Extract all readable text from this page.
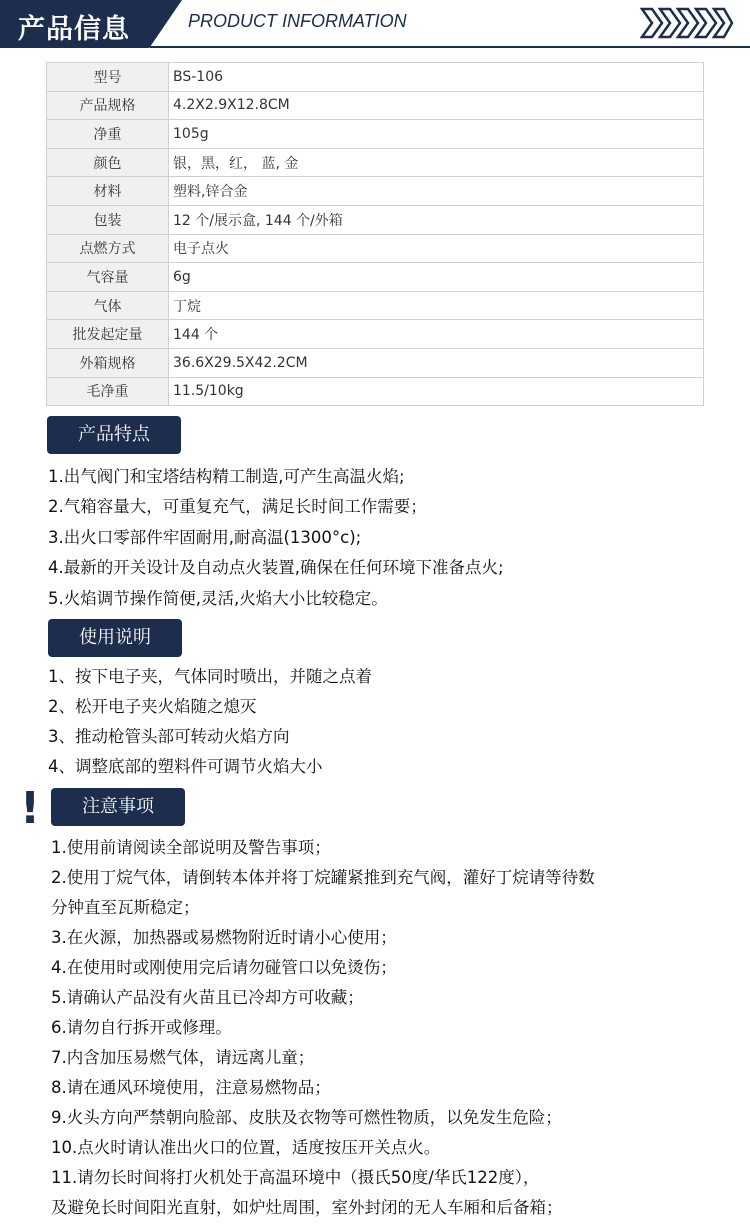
产品信息	PRODUCT INFORMATION
型号	BS-106
产品规格	4.2X2.9X12.8CM
净重	105g
颜色	银，黑，红， 蓝, 金
材料	塑料,锌合金
包装	12 个/展示盒, 144 个/外箱
点燃方式	电子点火
气容量	6g
气体	丁烷
批发起定量	144 个
外箱规格	36.6X29.5X42.2CM
毛净重	11.5/10kg
产品特点
1.出气阀门和宝塔结构精工制造,可产生高温火焰;
2.气箱容量大，可重复充气，满足长时间工作需要；
3.出火口零部件牢固耐用,耐高温(1300°c);
4.最新的开关设计及自动点火装置,确保在任何环境下准备点火;
5.火焰调节操作简便,灵活,火焰大小比较稳定。
使用说明
1、按下电子夹，气体同时喷出，并随之点着
2、松开电子夹火焰随之熄灭
3、推动枪管头部可转动火焰方向
4、调整底部的塑料件可调节火焰大小
!	注意事项
1.使用前请阅读全部说明及警告事项；
2.使用丁烷气体，请倒转本体并将丁烷罐紧推到充气阀，灌好丁烷请等待数
分钟直至瓦斯稳定；
3.在火源，加热器或易燃物附近时请小心使用；
4.在使用时或刚使用完后请勿碰管口以免烫伤；
5.请确认产品没有火苗且已冷却方可收藏；
6.请勿自行拆开或修理。
7.内含加压易燃气体，请远离儿童；
8.请在通风环境使用，注意易燃物品；
9.火头方向严禁朝向脸部、皮肤及衣物等可燃性物质，以免发生危险；
10.点火时请认准出火口的位置，适度按压开关点火。
11.请勿长时间将打火机处于高温环境中（摄氏50度/华氏122度），
及避免长时间阳光直射，如炉灶周围，室外封闭的无人车厢和后备箱；
